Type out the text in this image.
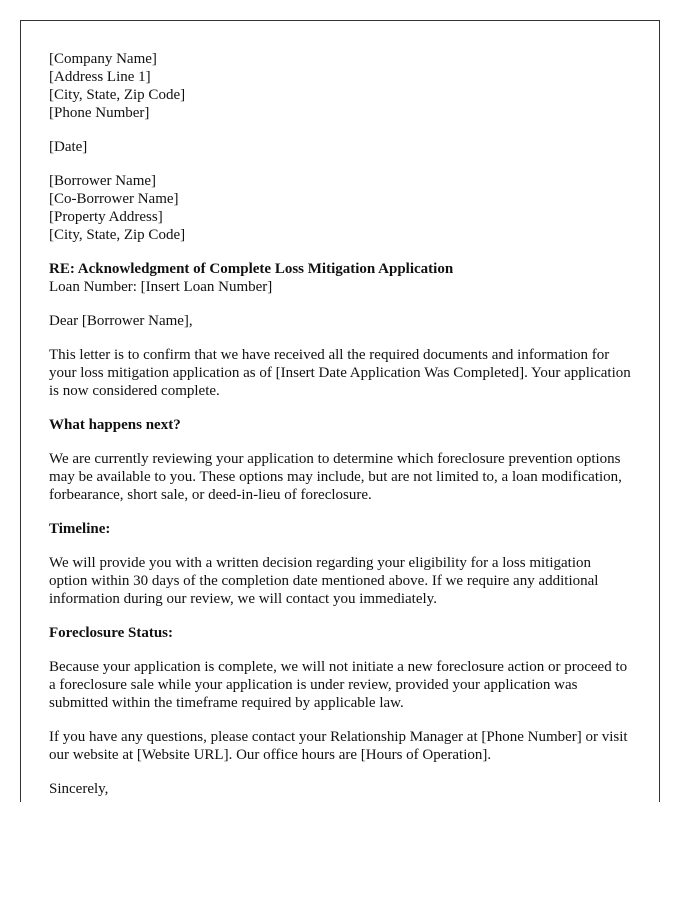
[Company Name]
[Address Line 1]
[City, State, Zip Code]
[Phone Number]

[Date]

[Borrower Name]
[Co-Borrower Name]
[Property Address]
[City, State, Zip Code]

RE: Acknowledgment of Complete Loss Mitigation Application
Loan Number: [Insert Loan Number]

Dear [Borrower Name],

This letter is to confirm that we have received all the required documents and information for your loss mitigation application as of [Insert Date Application Was Completed]. Your application is now considered complete.

What happens next?

We are currently reviewing your application to determine which foreclosure prevention options may be available to you. These options may include, but are not limited to, a loan modification, forbearance, short sale, or deed-in-lieu of foreclosure.

Timeline:

We will provide you with a written decision regarding your eligibility for a loss mitigation option within 30 days of the completion date mentioned above. If we require any additional information during our review, we will contact you immediately.

Foreclosure Status:

Because your application is complete, we will not initiate a new foreclosure action or proceed to a foreclosure sale while your application is under review, provided your application was submitted within the timeframe required by applicable law.

If you have any questions, please contact your Relationship Manager at [Phone Number] or visit our website at [Website URL]. Our office hours are [Hours of Operation].

Sincerely,
